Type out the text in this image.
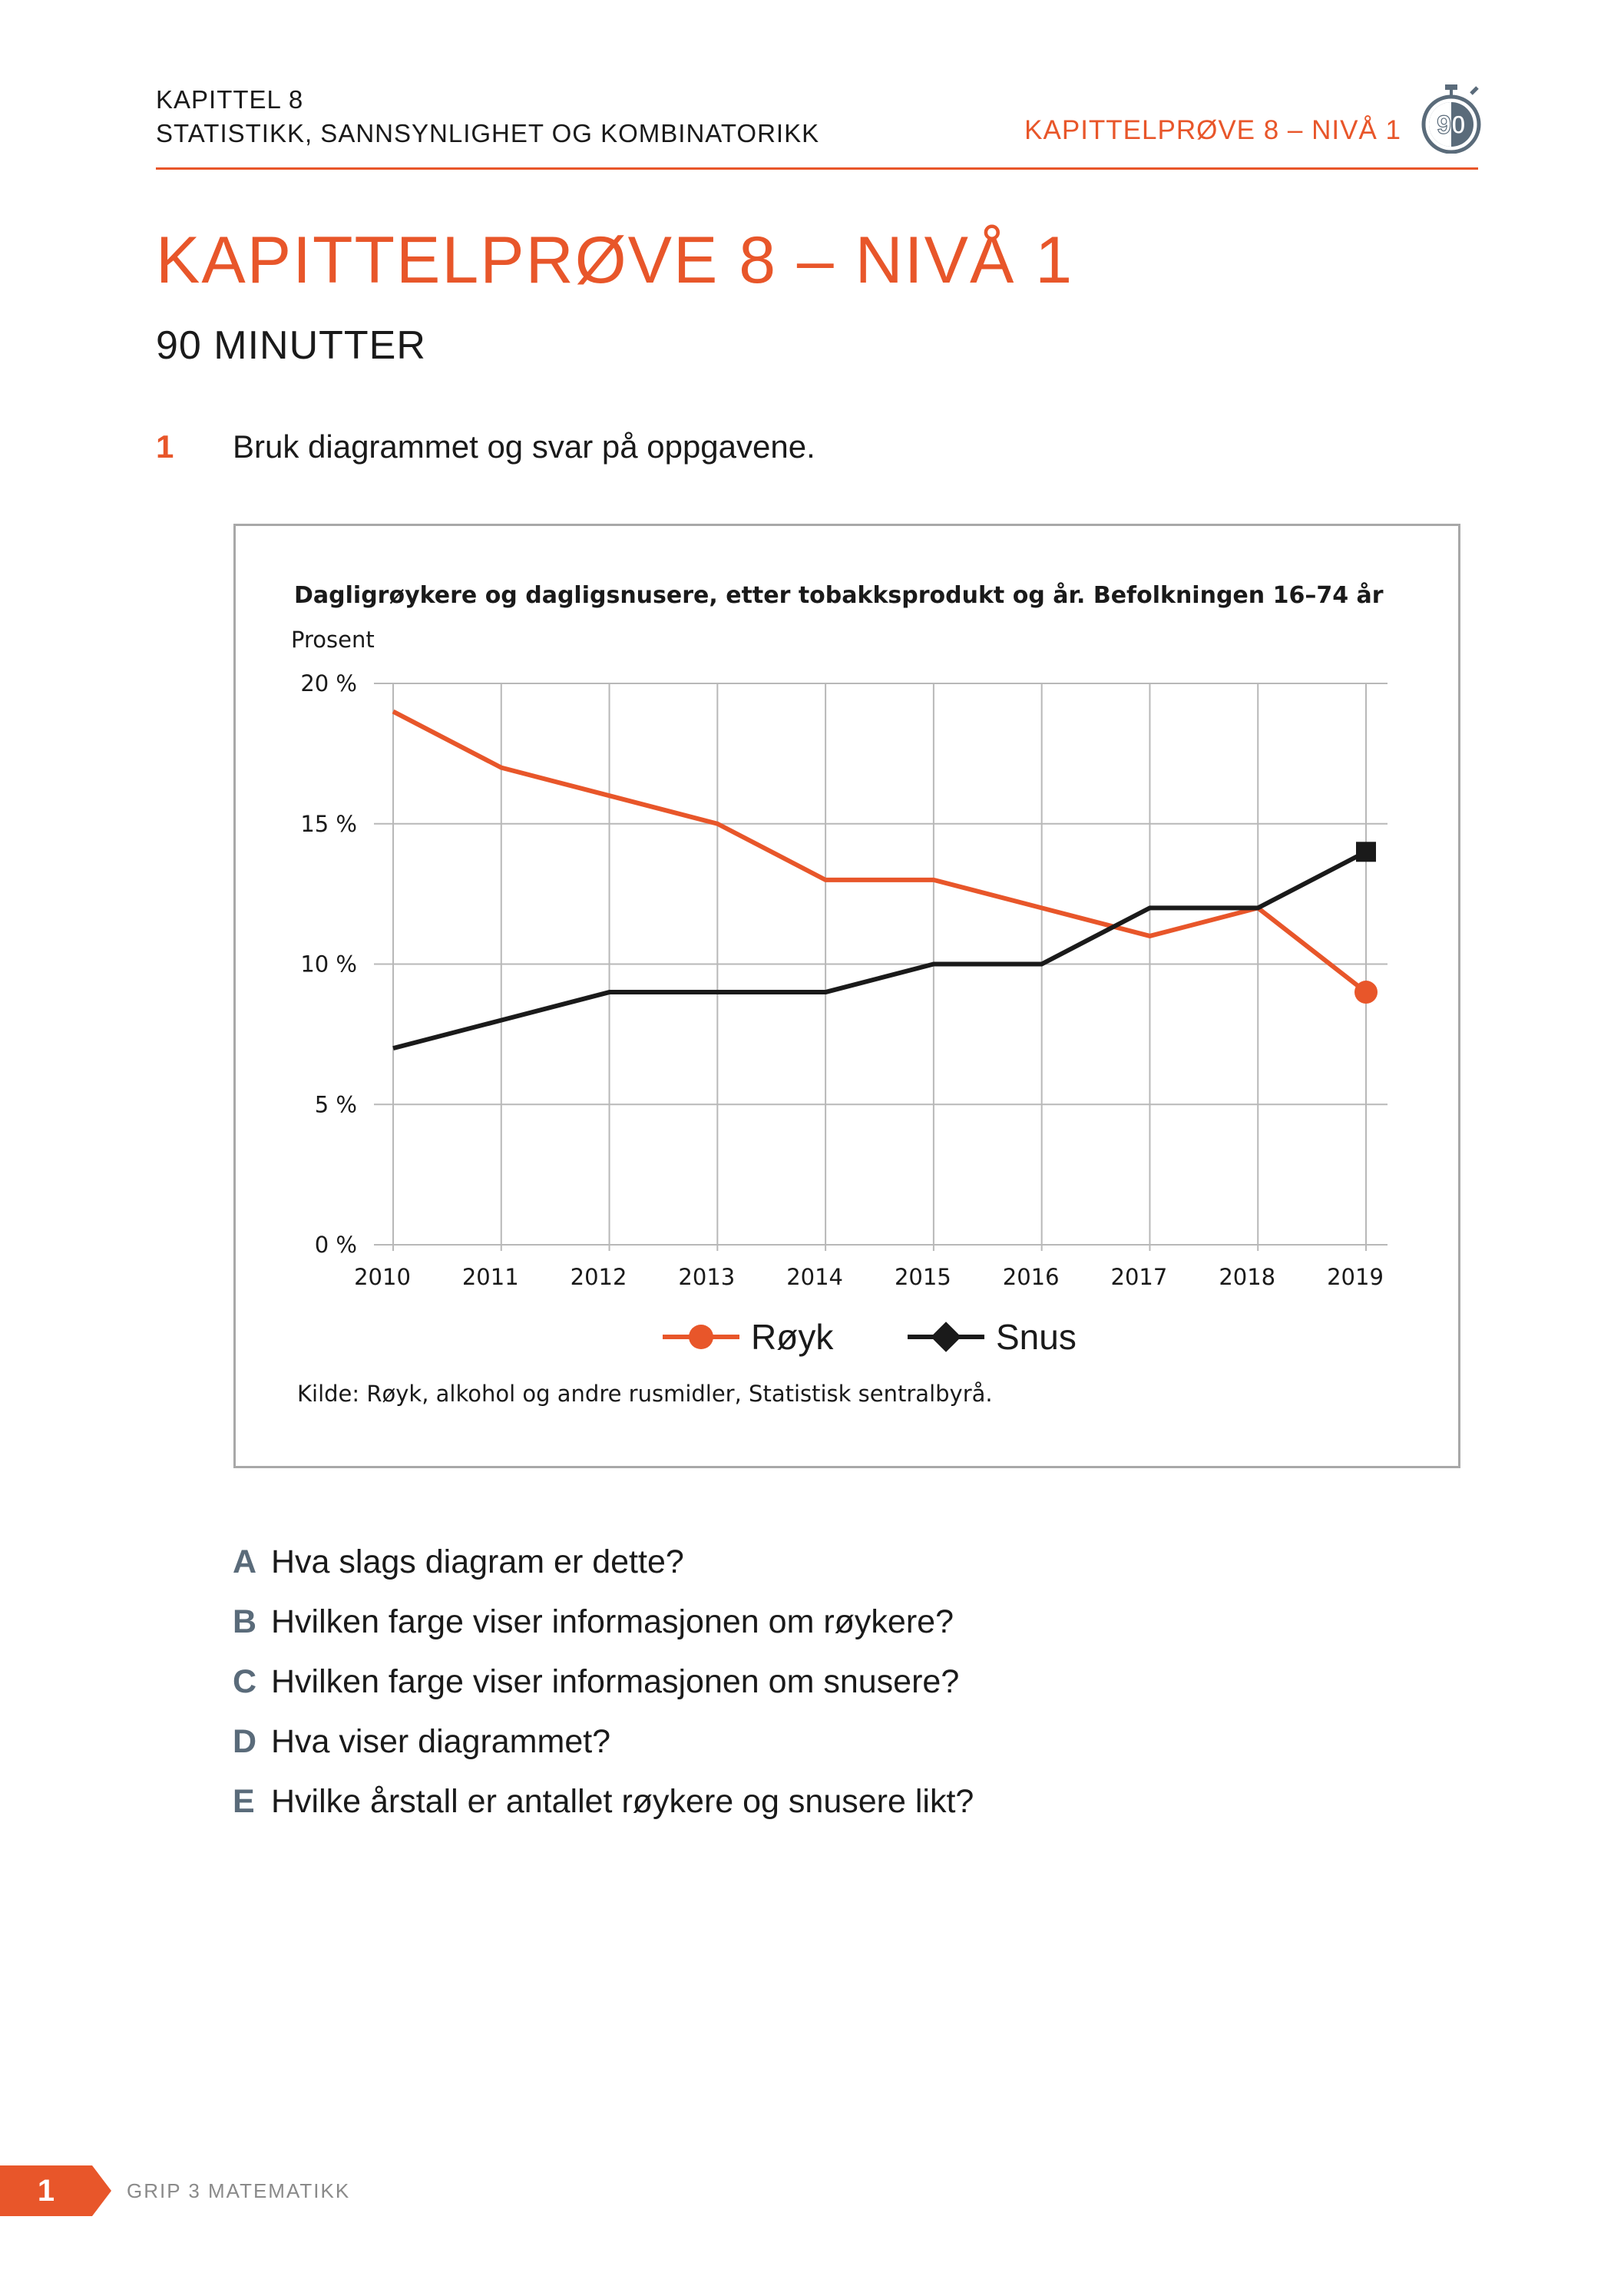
KAPITTEL 8
STATISTIKK, SANNSYNLIGHET OG KOMBINATORIKK	KAPITTELPRØVE 8 – NIVÅ 1 90
KAPITTELPRØVE 8 – NIVÅ 1
90 MINUTTER
1 Bruk diagrammet og svar på oppgavene.
Dagligrøykere og dagligsnusere, etter tobakksprodukt og år. Befolkningen 16–74 år
Prosent
0 %
5 %
10 %
15 %
20 %
2010 2011 2012 2013 2014 2015 2016 2017 2018 2019
Røyk	Snus
Kilde: Røyk, alkohol og andre rusmidler, Statistisk sentralbyrå.
A Hva slags diagram er dette?
B Hvilken farge viser informasjonen om røykere?
C Hvilken farge viser informasjonen om snusere?
D Hva viser diagrammet?
E Hvilke årstall er antallet røykere og snusere likt?
1	GRIP 3 MATEMATIKK
